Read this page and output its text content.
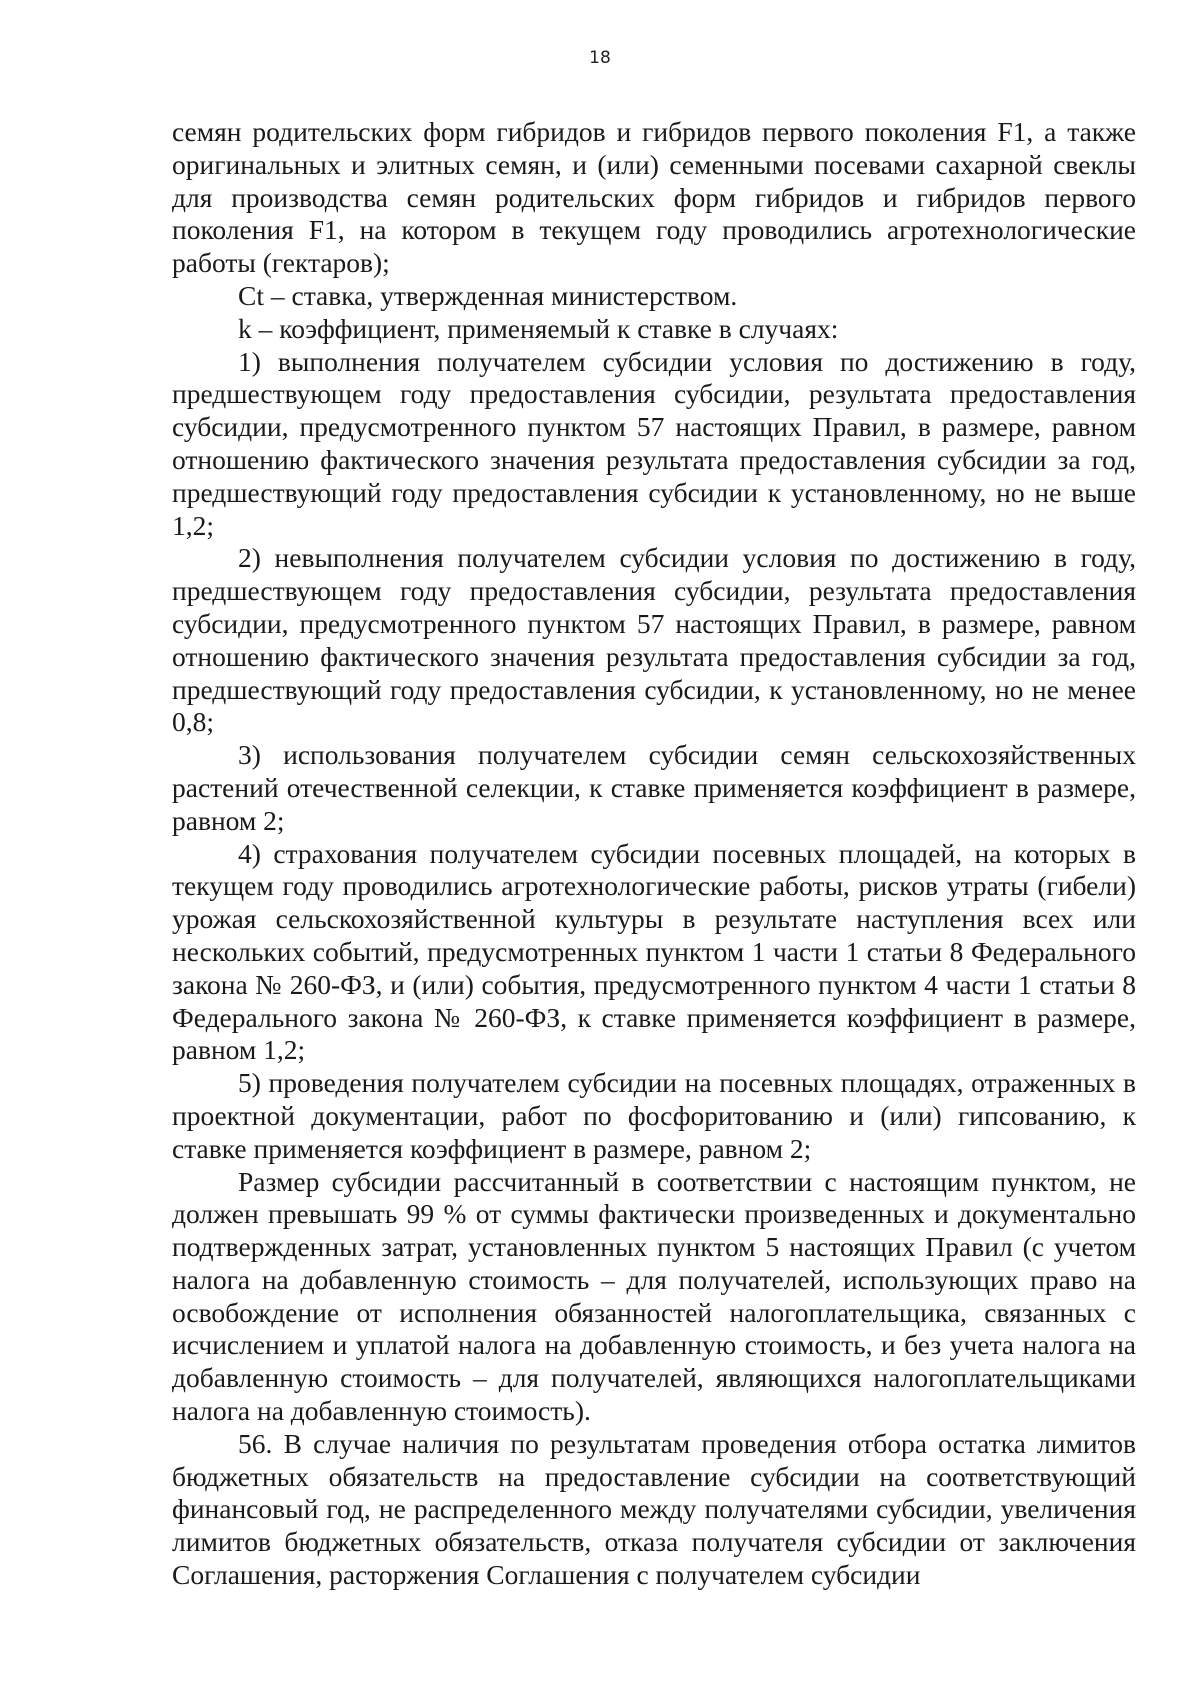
18

семян родительских форм гибридов и гибридов первого поколения F1, а также оригинальных и элитных семян, и (или) семенными посевами сахарной свеклы для производства семян родительских форм гибридов и гибридов первого поколения F1, на котором в текущем году проводились агротехнологические работы (гектаров);

Ct – ставка, утвержденная министерством.

k – коэффициент, применяемый к ставке в случаях:

1) выполнения получателем субсидии условия по достижению в году, предшествующем году предоставления субсидии, результата предоставления субсидии, предусмотренного пунктом 57 настоящих Правил, в размере, равном отношению фактического значения результата предоставления субсидии за год, предшествующий году предоставления субсидии к установленному, но не выше 1,2;

2) невыполнения получателем субсидии условия по достижению в году, предшествующем году предоставления субсидии, результата предоставления субсидии, предусмотренного пунктом 57 настоящих Правил, в размере, равном отношению фактического значения результата предоставления субсидии за год, предшествующий году предоставления субсидии, к установленному, но не менее 0,8;

3) использования получателем субсидии семян сельскохозяйственных растений отечественной селекции, к ставке применяется коэффициент в размере, равном 2;

4) страхования получателем субсидии посевных площадей, на которых в текущем году проводились агротехнологические работы, рисков утраты (гибели) урожая сельскохозяйственной культуры в результате наступления всех или нескольких событий, предусмотренных пунктом 1 части 1 статьи 8 Федерального закона № 260-ФЗ, и (или) события, предусмотренного пунктом 4 части 1 статьи 8 Федерального закона № 260-ФЗ, к ставке применяется коэффициент в размере, равном 1,2;

5) проведения получателем субсидии на посевных площадях, отраженных в проектной документации, работ по фосфоритованию и (или) гипсованию, к ставке применяется коэффициент в размере, равном 2;

Размер субсидии рассчитанный в соответствии с настоящим пунктом, не должен превышать 99 % от суммы фактически произведенных и документально подтвержденных затрат, установленных пунктом 5 настоящих Правил (с учетом налога на добавленную стоимость – для получателей, использующих право на освобождение от исполнения обязанностей налогоплательщика, связанных с исчислением и уплатой налога на добавленную стоимость, и без учета налога на добавленную стоимость – для получателей, являющихся налогоплательщиками налога на добавленную стоимость).

56. В случае наличия по результатам проведения отбора остатка лимитов бюджетных обязательств на предоставление субсидии на соответствующий финансовый год, не распределенного между получателями субсидии, увеличения лимитов бюджетных обязательств, отказа получателя субсидии от заключения Соглашения, расторжения Соглашения с получателем субсидии
